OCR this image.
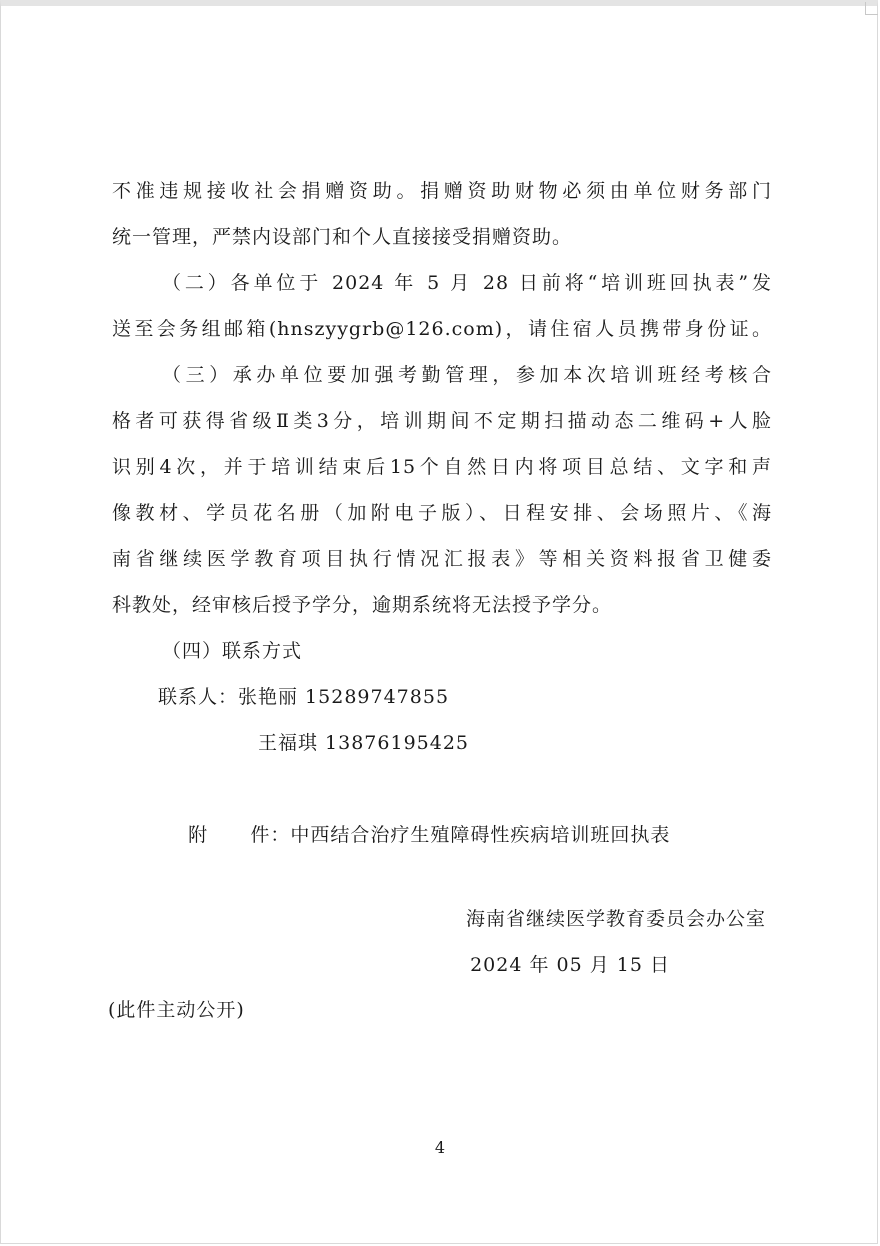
不准违规接收社会捐赠资助。捐赠资助财物必须由单位财务部门
统一管理，严禁内设部门和个人直接接受捐赠资助。
（二）各单位于 2024 年 5 月 28 日前将“培训班回执表”发
送至会务组邮箱(hnszyygrb@126.com)，请住宿人员携带身份证。
（三）承办单位要加强考勤管理，参加本次培训班经考核合
格者可获得省级Ⅱ类3分，培训期间不定期扫描动态二维码+人脸
识别4次，并于培训结束后15个自然日内将项目总结、文字和声
像教材、学员花名册（加附电子版）、日程安排、会场照片、《海
南省继续医学教育项目执行情况汇报表》等相关资料报省卫健委
科教处，经审核后授予学分，逾期系统将无法授予学分。
（四）联系方式
联系人：张艳丽 15289747855
王福琪 13876195425

附      件：中西结合治疗生殖障碍性疾病培训班回执表

海南省继续医学教育委员会办公室
2024 年 05 月 15 日
(此件主动公开)
4
